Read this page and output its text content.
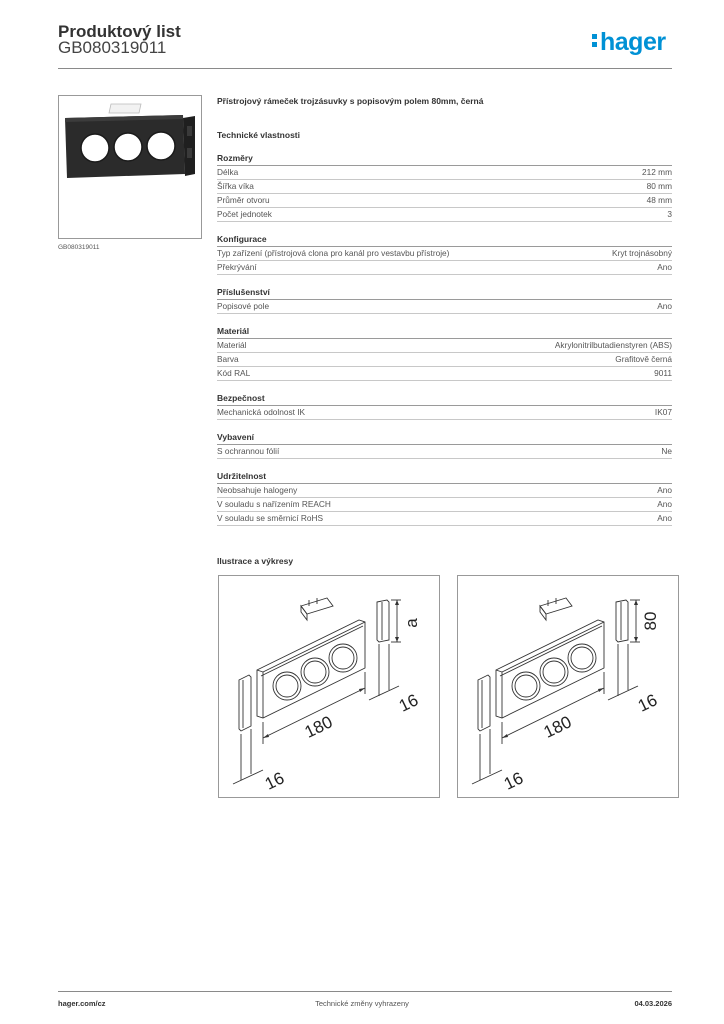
Produktový list
GB080319011	hager
GB080319011
Přístrojový rámeček trojzásuvky s popisovým polem 80mm, černá
Technické vlastnosti
Rozměry
Délka	212 mm
Šířka víka	80 mm
Průměr otvoru	48 mm
Počet jednotek	3
Konfigurace
Typ zařízení (přístrojová clona pro kanál pro vestavbu přístroje)	Kryt trojnásobný
Překrývání	Ano
Příslušenství
Popisové pole	Ano
Materiál
Materiál	Akrylonitrilbutadienstyren (ABS)
Barva	Grafitově černá
Kód RAL	9011
Bezpečnost
Mechanická odolnost IK	IK07
Vybavení
S ochrannou fólií	Ne
Udržitelnost
Neobsahuje halogeny	Ano
V souladu s nařízením REACH	Ano
V souladu se směrnicí RoHS	Ano
Ilustrace a výkresy
a
180
16
16
80
180
16
16
hager.com/cz	Technické změny vyhrazeny	04.03.2026
